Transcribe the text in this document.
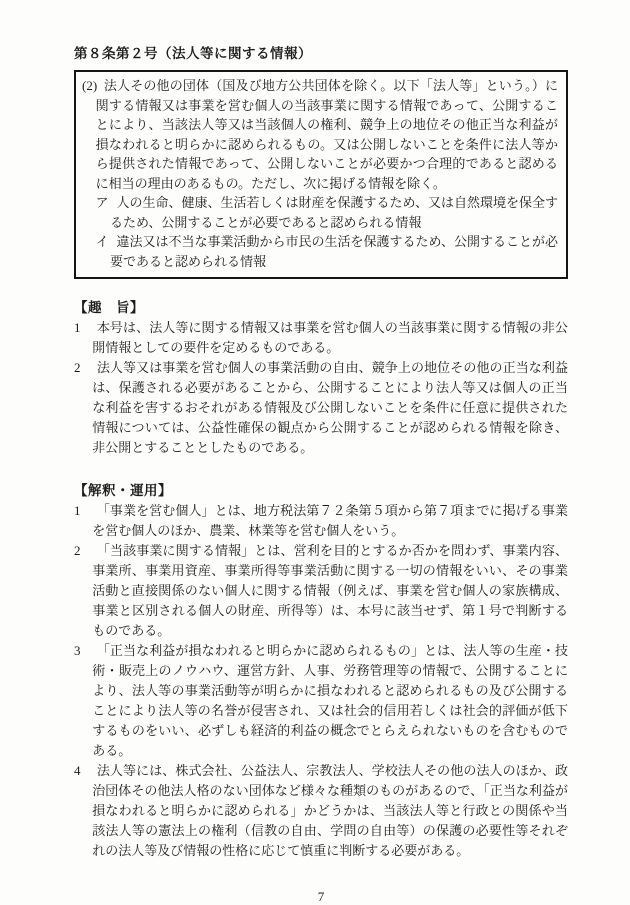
第８条第２号（法人等に関する情報）
(2) 法人その他の団体（国及び地方公共団体を除く。以下「法人等」という。）に関する情報又は事業を営む個人の当該事業に関する情報であって、公開することにより、当該法人等又は当該個人の権利、競争上の地位その他正当な利益が損なわれると明らかに認められるもの。又は公開しないことを条件に法人等から提供された情報であって、公開しないことが必要かつ合理的であると認めるに相当の理由のあるもの。ただし、次に掲げる情報を除く。
ア 人の生命、健康、生活若しくは財産を保護するため、又は自然環境を保全するため、公開することが必要であると認められる情報
イ 違法又は不当な事業活動から市民の生活を保護するため、公開することが必要であると認められる情報
【趣　旨】
1 本号は、法人等に関する情報又は事業を営む個人の当該事業に関する情報の非公開情報としての要件を定めるものである。
2 法人等又は事業を営む個人の事業活動の自由、競争上の地位その他の正当な利益は、保護される必要があることから、公開することにより法人等又は個人の正当な利益を害するおそれがある情報及び公開しないことを条件に任意に提供された情報については、公益性確保の観点から公開することが認められる情報を除き、非公開とすることとしたものである。
【解釈・運用】
1 「事業を営む個人」とは、地方税法第７２条第５項から第７項までに掲げる事業を営む個人のほか、農業、林業等を営む個人をいう。
2 「当該事業に関する情報」とは、営利を目的とするか否かを問わず、事業内容、事業所、事業用資産、事業所得等事業活動に関する一切の情報をいい、その事業活動と直接関係のない個人に関する情報（例えば、事業を営む個人の家族構成、事業と区別される個人の財産、所得等）は、本号に該当せず、第１号で判断するものである。
3 「正当な利益が損なわれると明らかに認められるもの」とは、法人等の生産・技術・販売上のノウハウ、運営方針、人事、労務管理等の情報で、公開することにより、法人等の事業活動等が明らかに損なわれると認められるもの及び公開することにより法人等の名誉が侵害され、又は社会的信用若しくは社会的評価が低下するものをいい、必ずしも経済的利益の概念でとらえられないものを含むものである。
4 法人等には、株式会社、公益法人、宗教法人、学校法人その他の法人のほか、政治団体その他法人格のない団体など様々な種類のものがあるので、「正当な利益が損なわれると明らかに認められる」かどうかは、当該法人等と行政との関係や当該法人等の憲法上の権利（信教の自由、学問の自由等）の保護の必要性等それぞれの法人等及び情報の性格に応じて慎重に判断する必要がある。
7
